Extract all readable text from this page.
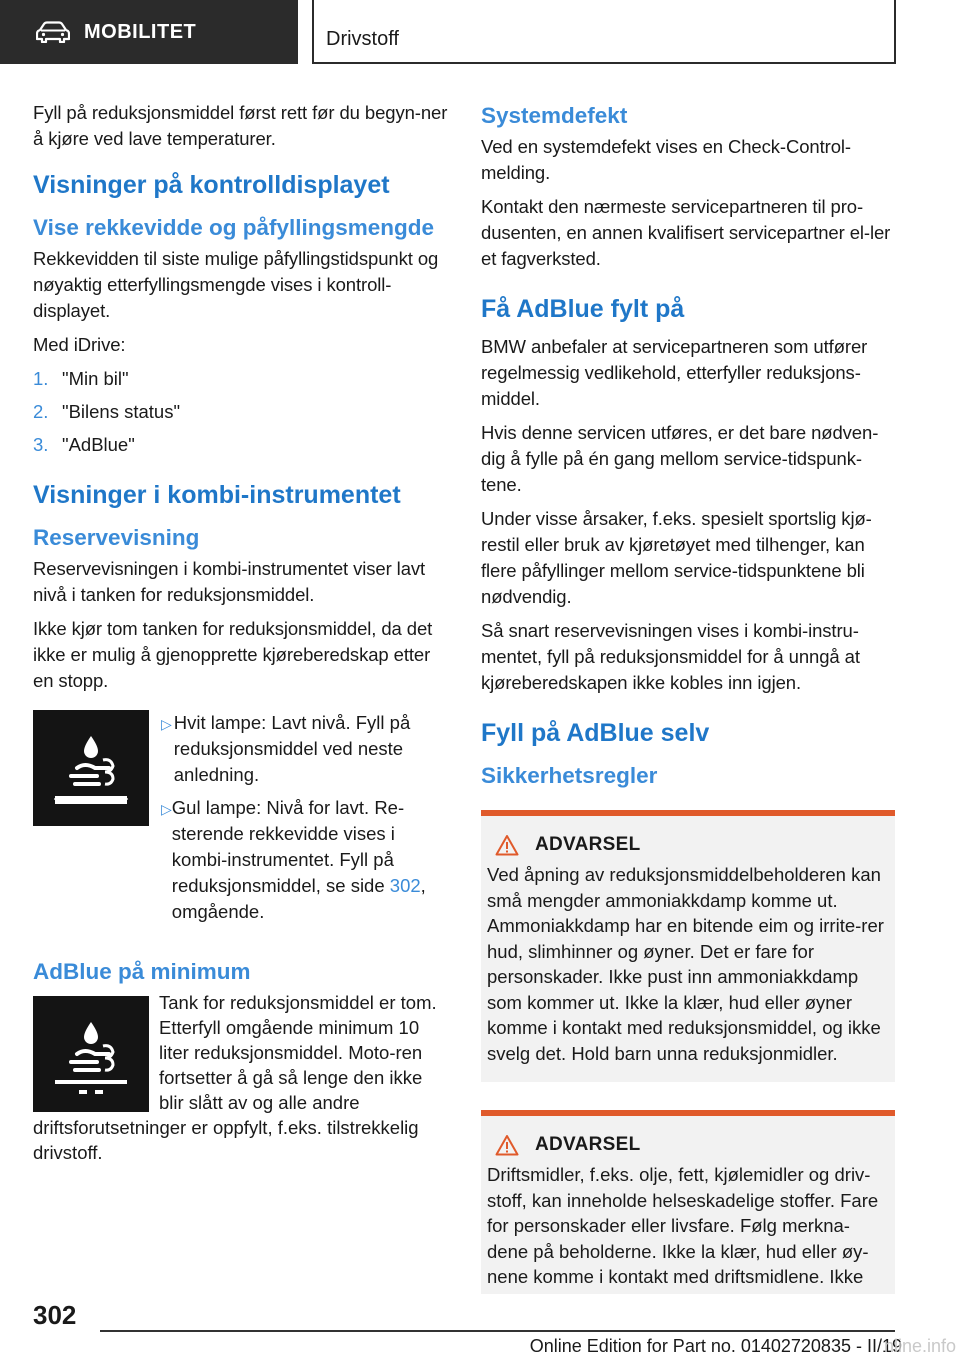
MOBILITET	Drivstoff

Fyll på reduksjonsmiddel først rett før du begyn-ner å kjøre ved lave temperaturer.

Visninger på kontrolldisplayet
Vise rekkevidde og påfyllingsmengde

Rekkevidden til siste mulige påfyllingstidspunkt og nøyaktig etterfyllingsmengde vises i kontroll-displayet.

Med iDrive:

1. "Min bil"
2. "Bilens status"
3. "AdBlue"
Visninger i kombi-instrumentet
Reservevisning

Reservevisningen i kombi-instrumentet viser lavt nivå i tanken for reduksjonsmiddel.

Ikke kjør tom tanken for reduksjonsmiddel, da det ikke er mulig å gjenopprette kjøreberedskap etter en stopp.

▷ Hvit lampe: Lavt nivå. Fyll på reduksjonsmiddel ved neste anledning.
▷ Gul lampe: Nivå for lavt. Re-sterende rekkevidde vises i kombi-instrumentet. Fyll på reduksjonsmiddel, se side 302, omgående.
AdBlue på minimum

Tank for reduksjonsmiddel er tom. Etterfyll omgående minimum 10 liter reduksjonsmiddel. Moto-ren fortsetter å gå så lenge den ikke blir slått av og alle andre driftsforutsetninger er oppfylt, f.eks. tilstrekkelig drivstoff.

Systemdefekt

Ved en systemdefekt vises en Check-Control-melding.

Kontakt den nærmeste servicepartneren til pro-dusenten, en annen kvalifisert servicepartner el-ler et fagverksted.

Få AdBlue fylt på

BMW anbefaler at servicepartneren som utfører regelmessig vedlikehold, etterfyller reduksjons-middel.

Hvis denne servicen utføres, er det bare nødven-dig å fylle på én gang mellom service-tidspunk-tene.

Under visse årsaker, f.eks. spesielt sportslig kjø-restil eller bruk av kjøretøyet med tilhenger, kan flere påfyllinger mellom service-tidspunktene bli nødvendig.

Så snart reservevisningen vises i kombi-instru-mentet, fyll på reduksjonsmiddel for å unngå at kjøreberedskapen ikke kobles inn igjen.

Fyll på AdBlue selv
Sikkerhetsregler
ADVARSEL

Ved åpning av reduksjonsmiddelbeholderen kan små mengder ammoniakkdamp komme ut. Ammoniakkdamp har en bitende eim og irrite-rer hud, slimhinner og øyner. Det er fare for personskader. Ikke pust inn ammoniakkdamp som kommer ut. Ikke la klær, hud eller øyner komme i kontakt med reduksjonsmiddel, og ikke svelg det. Hold barn unna reduksjonmidler.

ADVARSEL

Driftsmidler, f.eks. olje, fett, kjølemidler og driv-stoff, kan inneholde helseskadelige stoffer. Fare for personskader eller livsfare. Følg merkna-dene på beholderne. Ikke la klær, hud eller øy-nene komme i kontakt med driftsmidlene. Ikke

302
Online Edition for Part no. 01402720835 - II/19
nline.info
